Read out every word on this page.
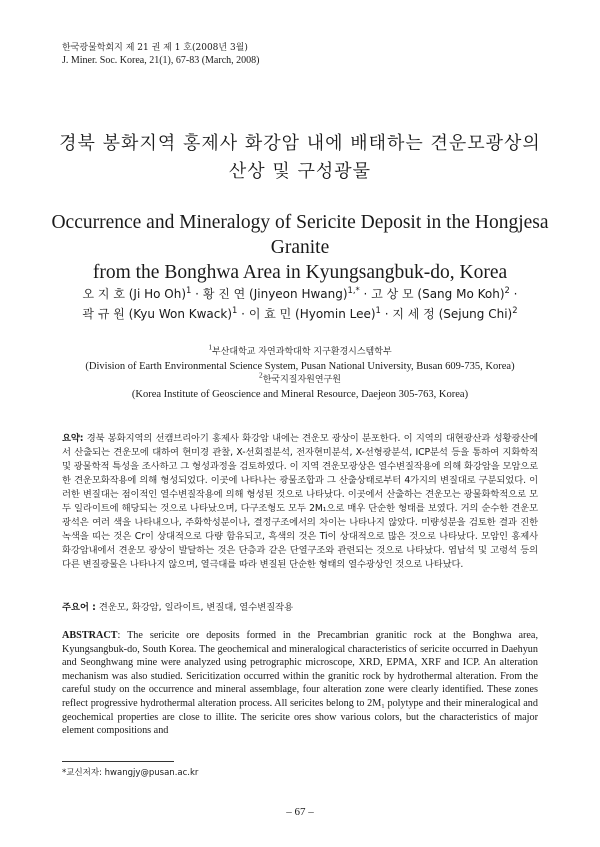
한국광물학회지 제 21 권 제 1 호(2008년 3월)
J. Miner. Soc. Korea, 21(1), 67-83 (March, 2008)
경북 봉화지역 홍제사 화강암 내에 배태하는 견운모광상의
산상 및 구성광물
Occurrence and Mineralogy of Sericite Deposit in the Hongjesa Granite
from the Bonghwa Area in Kyungsangbuk-do, Korea
오 지 호 (Ji Ho Oh)$^1$ · 황 진 연 (Jinyeon Hwang)$^{1,*}$ · 고 상 모 (Sang Mo Koh)$^2$ ·
곽 규 원 (Kyu Won Kwack)$^1$ · 이 효 민 (Hyomin Lee)$^1$ · 지 세 정 (Sejung Chi)$^2$
$^1$부산대학교 자연과학대학 지구환경시스템학부
(Division of Earth Environmental Science System, Pusan National University, Busan 609-735, Korea)
$^2$한국지질자원연구원
(Korea Institute of Geoscience and Mineral Resource, Daejeon 305-763, Korea)
요약: 경북 봉화지역의 선캠브리아기 홍제사 화강암 내에는 견운모 광상이 분포한다. 이 지역의 대현광산과 성황광산에서 산출되는 견운모에 대하여 현미경 관찰, X-선회절분석, 전자현미분석, X-선형광분석, ICP분석 등을 통하여 지화학적 및 광물학적 특성을 조사하고 그 형성과정을 검토하였다. 이 지역 견운모광상은 열수변질작용에 의해 화강암을 모암으로 한 견운모화작용에 의해 형성되었다. 이곳에 나타나는 광물조합과 그 산출상태로부터 4가지의 변질대로 구분되었다. 이러한 변질대는 점이적인 열수변질작용에 의해 형성된 것으로 나타났다. 이곳에서 산출하는 견운모는 광물화학적으로 모두 일라이트에 해당되는 것으로 나타났으며, 다구조형도 모두 2M₁으로 매우 단순한 형태를 보였다. 거의 순수한 견운모 광석은 여러 색을 나타내으나, 주화학성분이나, 결정구조에서의 차이는 나타나지 않았다. 미량성분을 검토한 결과 진한 녹색을 띠는 것은 Cr이 상대적으로 다량 함유되고, 흑색의 것은 Ti이 상대적으로 많은 것으로 나타났다. 모암인 홍제사 화강암내에서 견운모 광상이 발달하는 것은 단층과 같은 단열구조와 관련되는 것으로 나타났다. 엽납석 및 고령석 등의 다른 변질광물은 나타나지 않으며, 열극대를 따라 변질된 단순한 형태의 열수광상인 것으로 나타났다.
주요어 : 견운모, 화강암, 일라이트, 변질대, 열수변질작용
ABSTRACT: The sericite ore deposits formed in the Precambrian granitic rock at the Bonghwa area, Kyungsangbuk-do, South Korea. The geochemical and mineralogical characteristics of sericite occurred in Daehyun and Seonghwang mine were analyzed using petrographic microscope, XRD, EPMA, XRF and ICP. An alteration mechanism was also studied. Sericitization occurred within the granitic rock by hydrothermal alteration. From the careful study on the occurrence and mineral assemblage, four alteration zone were clearly identified. These zones reflect progressive hydrothermal alteration process. All sericites belong to 2M₁ polytype and their mineralogical and geochemical properties are close to illite. The sericite ores show various colors, but the characteristics of major element compositions and
*교신저자: hwangjy@pusan.ac.kr
– 67 –
